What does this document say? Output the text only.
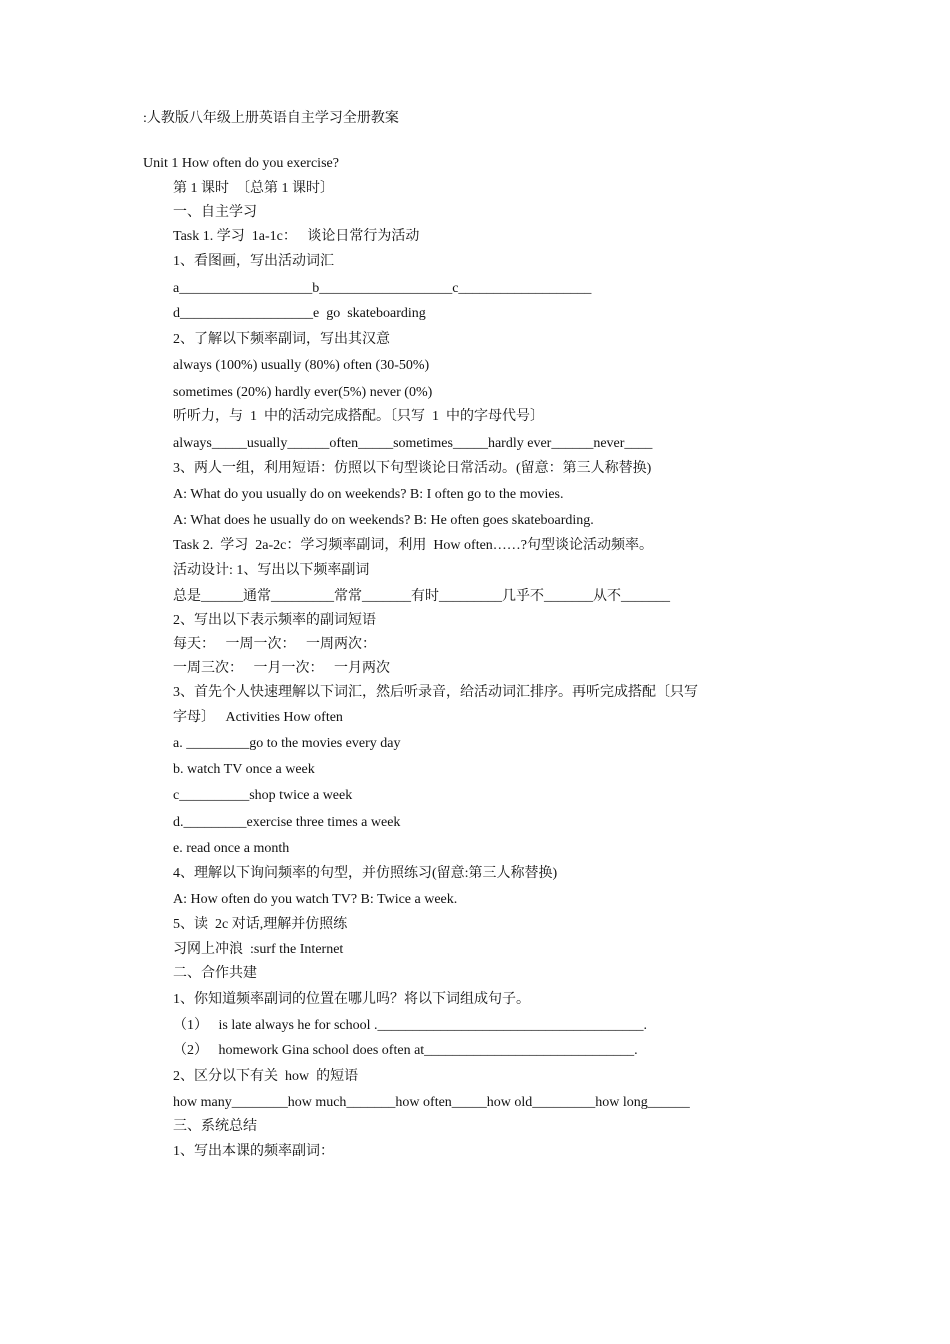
:人教版八年级上册英语自主学习全册教案
Unit 1 How often do you exercise?
第 1 课时  〔总第 1 课时〕
一、自主学习
Task 1. 学习  1a-1c：   谈论日常行为活动
1、看图画，写出活动词汇
a___________________b___________________c___________________
d___________________e  go  skateboarding
2、了解以下频率副词，写出其汉意
always (100%) usually (80%) often (30-50%)
sometimes (20%) hardly ever(5%) never (0%)
听听力，与  1  中的活动完成搭配。〔只写  1  中的字母代号〕
always_____usually______often_____sometimes_____hardly ever______never____
3、两人一组，利用短语：仿照以下句型谈论日常活动。(留意：第三人称替换)
A: What do you usually do on weekends? B: I often go to the movies.
A: What does he usually do on weekends? B: He often goes skateboarding.
Task 2.  学习  2a-2c：学习频率副词，利用  How often……?句型谈论活动频率。
活动设计: 1、写出以下频率副词
总是______通常_________常常_______有时_________几乎不_______从不_______
2、写出以下表示频率的副词短语
每天：   一周一次：   一周两次：
一周三次：   一月一次：   一月两次
3、首先个人快速理解以下词汇，然后听录音，给活动词汇排序。再听完成搭配〔只写
字母〕   Activities How often
a. _________go to the movies every day
b. watch TV once a week
c__________shop twice a week
d._________exercise three times a week
e. read once a month
4、理解以下询问频率的句型，并仿照练习(留意:第三人称替换)
A: How often do you watch TV? B: Twice a week.
5、读  2c 对话,理解并仿照练
习网上冲浪  :surf the Internet
二、合作共建
1、你知道频率副词的位置在哪儿吗？将以下词组成句子。
（1）   is late always he for school .______________________________________.
（2）   homework Gina school does often at______________________________.
2、区分以下有关  how  的短语
how many________how much_______how often_____how old_________how long______
三、系统总结
1、写出本课的频率副词：
